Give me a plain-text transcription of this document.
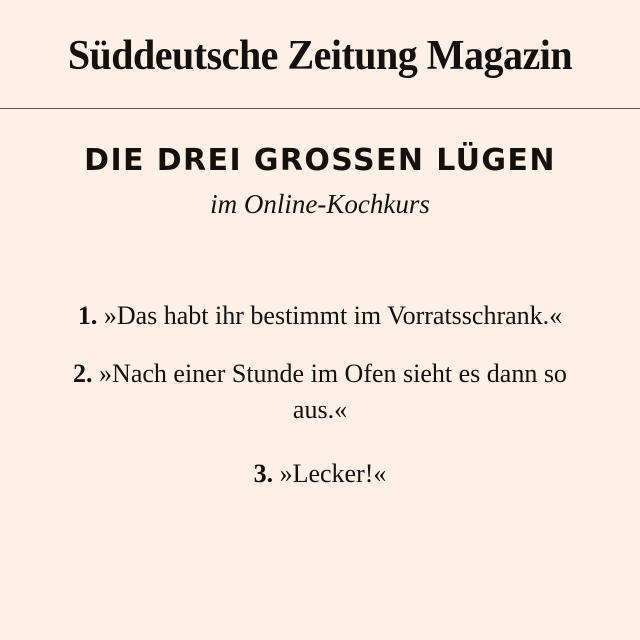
Süddeutsche Zeitung Magazin
DIE DREI GROSSEN LÜGEN
im Online-Kochkurs
1. »Das habt ihr bestimmt im Vorratsschrank.«
2. »Nach einer Stunde im Ofen sieht es dann so aus.«
3. »Lecker!«
